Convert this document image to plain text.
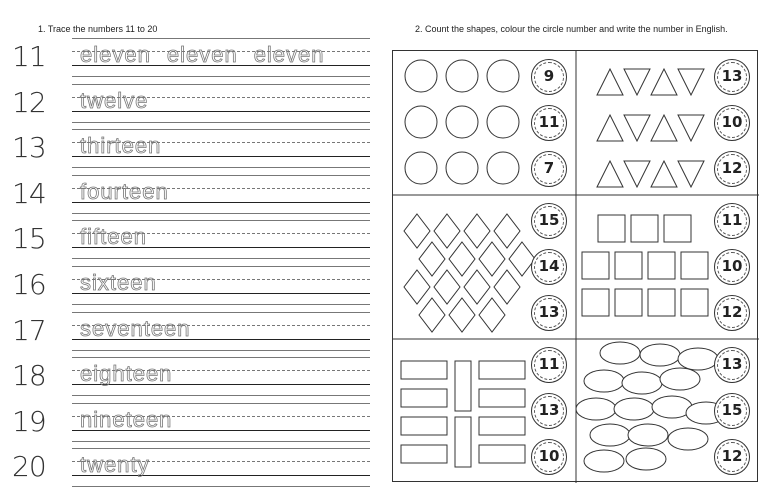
1. Trace the numbers 11 to 20	2. Count the shapes, colour the circle number and write the number in English.
11 eleven eleven eleven
12 twelve
13 thirteen
14 fourteen
15 fifteen
16 sixteen
17 seventeen
18 eighteen
19 nineteen
20 twenty
9
11
7
13
10
12
15
14
13
11
10
12
11
13
10
13
15
12
